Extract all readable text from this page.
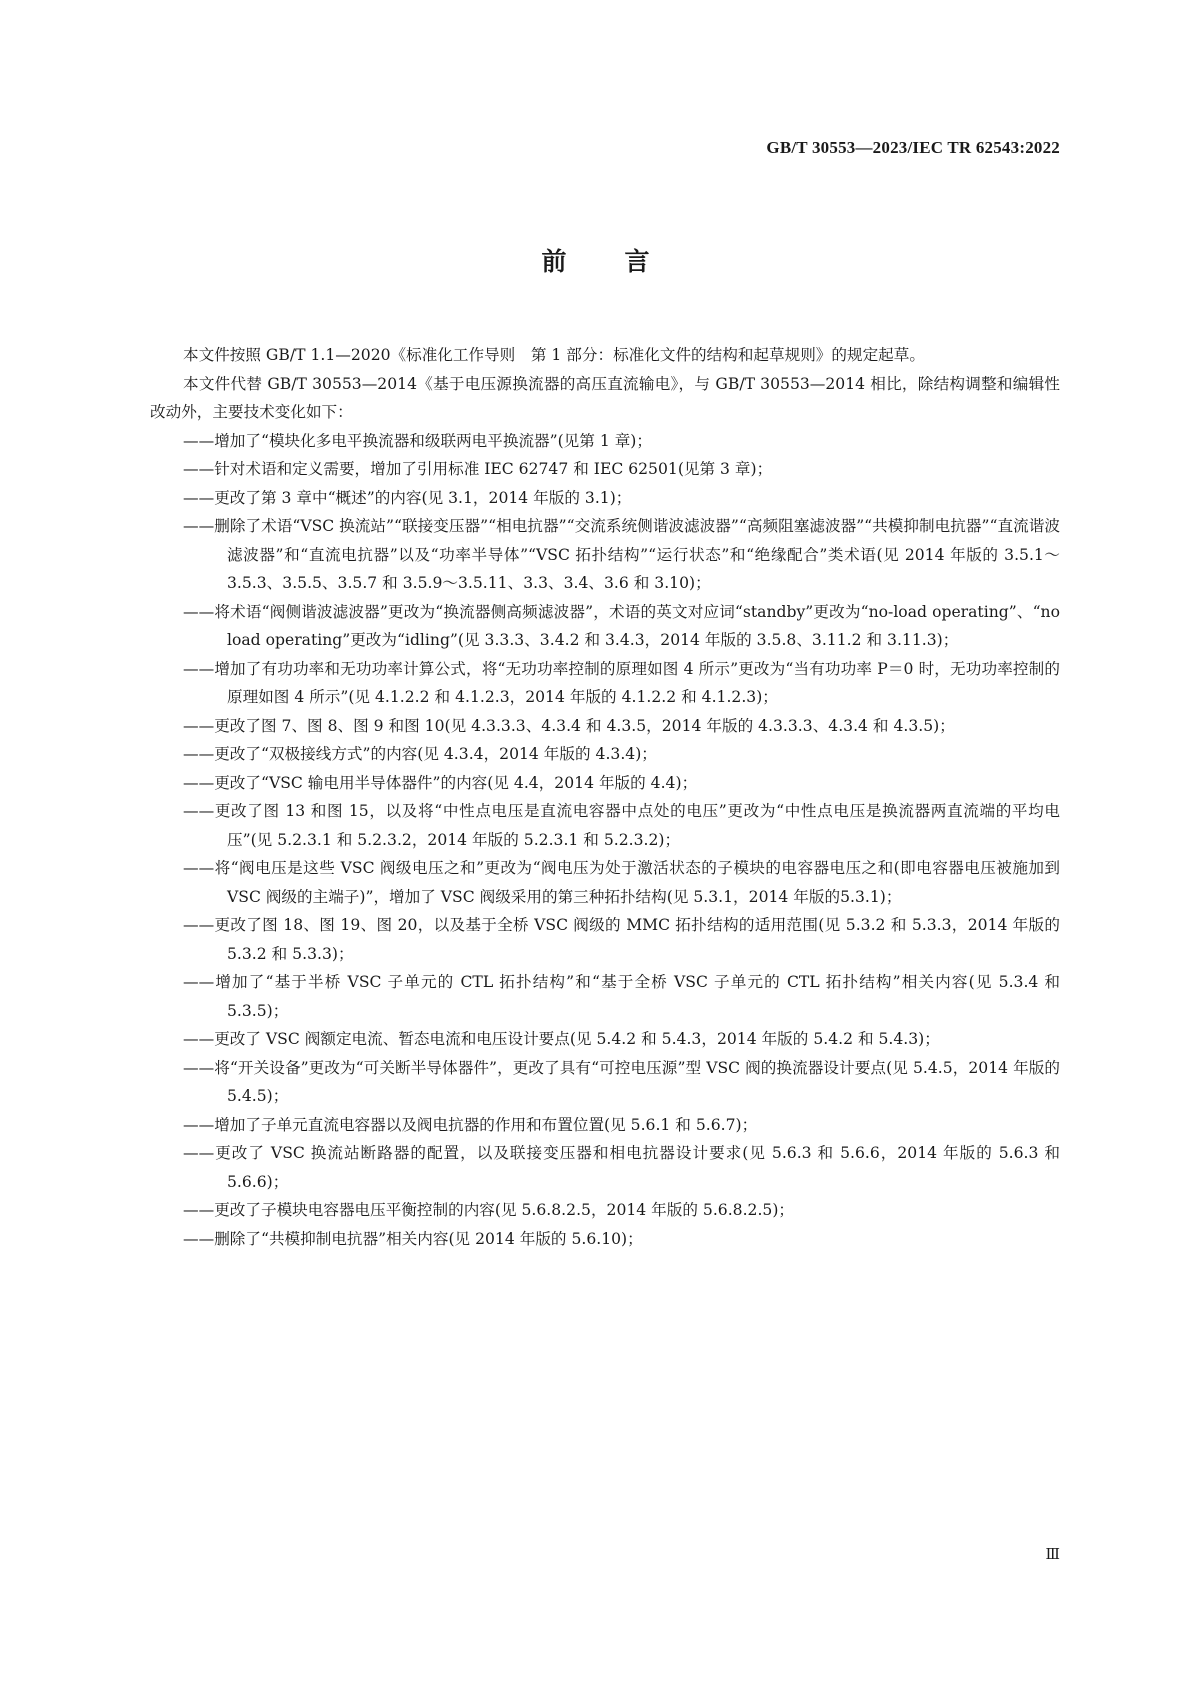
GB/T 30553—2023/IEC TR 62543:2022
前言

本文件按照 GB/T 1.1—2020《标准化工作导则　第 1 部分：标准化文件的结构和起草规则》的规定起草。

本文件代替 GB/T 30553—2014《基于电压源换流器的高压直流输电》，与 GB/T 30553—2014 相比，除结构调整和编辑性改动外，主要技术变化如下：

——增加了“模块化多电平换流器和级联两电平换流器”(见第 1 章)；

——针对术语和定义需要，增加了引用标准 IEC 62747 和 IEC 62501(见第 3 章)；

——更改了第 3 章中“概述”的内容(见 3.1，2014 年版的 3.1)；

——删除了术语“VSC 换流站”“联接变压器”“相电抗器”“交流系统侧谐波滤波器”“高频阻塞滤波器”“共模抑制电抗器”“直流谐波滤波器”和“直流电抗器”以及“功率半导体”“VSC 拓扑结构”“运行状态”和“绝缘配合”类术语(见 2014 年版的 3.5.1～3.5.3、3.5.5、3.5.7 和 3.5.9～3.5.11、3.3、3.4、3.6 和 3.10)；

——将术语“阀侧谐波滤波器”更改为“换流器侧高频滤波器”，术语的英文对应词“standby”更改为“no-load operating”、“no load operating”更改为“idling”(见 3.3.3、3.4.2 和 3.4.3，2014 年版的 3.5.8、3.11.2 和 3.11.3)；

——增加了有功功率和无功功率计算公式，将“无功功率控制的原理如图 4 所示”更改为“当有功功率 P＝0 时，无功功率控制的原理如图 4 所示”(见 4.1.2.2 和 4.1.2.3，2014 年版的 4.1.2.2 和 4.1.2.3)；

——更改了图 7、图 8、图 9 和图 10(见 4.3.3.3、4.3.4 和 4.3.5，2014 年版的 4.3.3.3、4.3.4 和 4.3.5)；

——更改了“双极接线方式”的内容(见 4.3.4，2014 年版的 4.3.4)；

——更改了“VSC 输电用半导体器件”的内容(见 4.4，2014 年版的 4.4)；

——更改了图 13 和图 15，以及将“中性点电压是直流电容器中点处的电压”更改为“中性点电压是换流器两直流端的平均电压”(见 5.2.3.1 和 5.2.3.2，2014 年版的 5.2.3.1 和 5.2.3.2)；

——将“阀电压是这些 VSC 阀级电压之和”更改为“阀电压为处于激活状态的子模块的电容器电压之和(即电容器电压被施加到 VSC 阀级的主端子)”，增加了 VSC 阀级采用的第三种拓扑结构(见 5.3.1，2014 年版的5.3.1)；

——更改了图 18、图 19、图 20，以及基于全桥 VSC 阀级的 MMC 拓扑结构的适用范围(见 5.3.2 和 5.3.3，2014 年版的 5.3.2 和 5.3.3)；

——增加了“基于半桥 VSC 子单元的 CTL 拓扑结构”和“基于全桥 VSC 子单元的 CTL 拓扑结构”相关内容(见 5.3.4 和 5.3.5)；

——更改了 VSC 阀额定电流、暂态电流和电压设计要点(见 5.4.2 和 5.4.3，2014 年版的 5.4.2 和 5.4.3)；

——将“开关设备”更改为“可关断半导体器件”，更改了具有“可控电压源”型 VSC 阀的换流器设计要点(见 5.4.5，2014 年版的 5.4.5)；

——增加了子单元直流电容器以及阀电抗器的作用和布置位置(见 5.6.1 和 5.6.7)；

——更改了 VSC 换流站断路器的配置，以及联接变压器和相电抗器设计要求(见 5.6.3 和 5.6.6，2014 年版的 5.6.3 和 5.6.6)；

——更改了子模块电容器电压平衡控制的内容(见 5.6.8.2.5，2014 年版的 5.6.8.2.5)；

——删除了“共模抑制电抗器”相关内容(见 2014 年版的 5.6.10)；

Ⅲ
